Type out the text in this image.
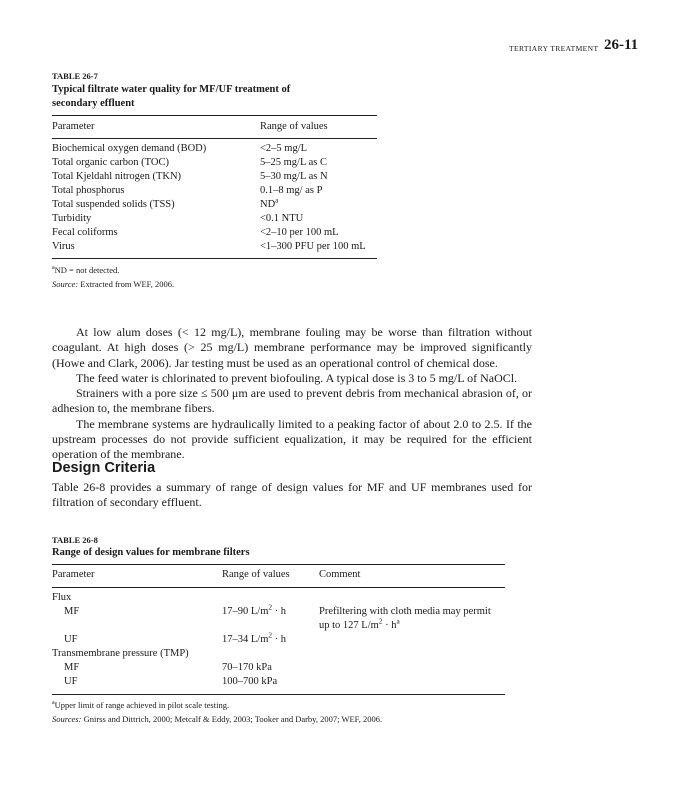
TERTIARY TREATMENT 26-11
TABLE 26-7
Typical filtrate water quality for MF/UF treatment of
secondary effluent
Parameter	Range of values
Biochemical oxygen demand (BOD)	<2–5 mg/L
Total organic carbon (TOC)	5–25 mg/L as C
Total Kjeldahl nitrogen (TKN)	5–30 mg/L as N
Total phosphorus	0.1–8 mg/ as P
Total suspended solids (TSS)	$ND^a$
Turbidity	<0.1 NTU
Fecal coliforms	<2–10 per 100 mL
Virus	<1–300 PFU per 100 mL
$^a$ND = not detected.
Source: Extracted from WEF, 2006.

At low alum doses (< 12 mg/L), membrane fouling may be worse than filtration without coagulant. At high doses (> 25 mg/L) membrane performance may be improved significantly (Howe and Clark, 2006). Jar testing must be used as an operational control of chemical dose.

The feed water is chlorinated to prevent biofouling. A typical dose is 3 to 5 mg/L of NaOCl.

Strainers with a pore size ≤ 500 μm are used to prevent debris from mechanical abrasion of, or adhesion to, the membrane fibers.

The membrane systems are hydraulically limited to a peaking factor of about 2.0 to 2.5. If the upstream processes do not provide sufficient equalization, it may be required for the efficient operation of the membrane.

Design Criteria

Table 26-8 provides a summary of range of design values for MF and UF membranes used for filtration of secondary effluent.

TABLE 26-8
Range of design values for membrane filters
Parameter	Range of values	Comment
Flux
MF	17–90 $L/m^2 \cdot h$	Prefiltering with cloth media may permit
up to 127 $L/m^2 \cdot h^a$
UF	17–34 $L/m^2 \cdot h$
Transmembrane pressure (TMP)
MF	70–170 kPa
UF	100–700 kPa
$^a$Upper limit of range achieved in pilot scale testing.
Sources: Gnirss and Dittrich, 2000; Metcalf & Eddy, 2003; Tooker and Darby, 2007; WEF, 2006.
